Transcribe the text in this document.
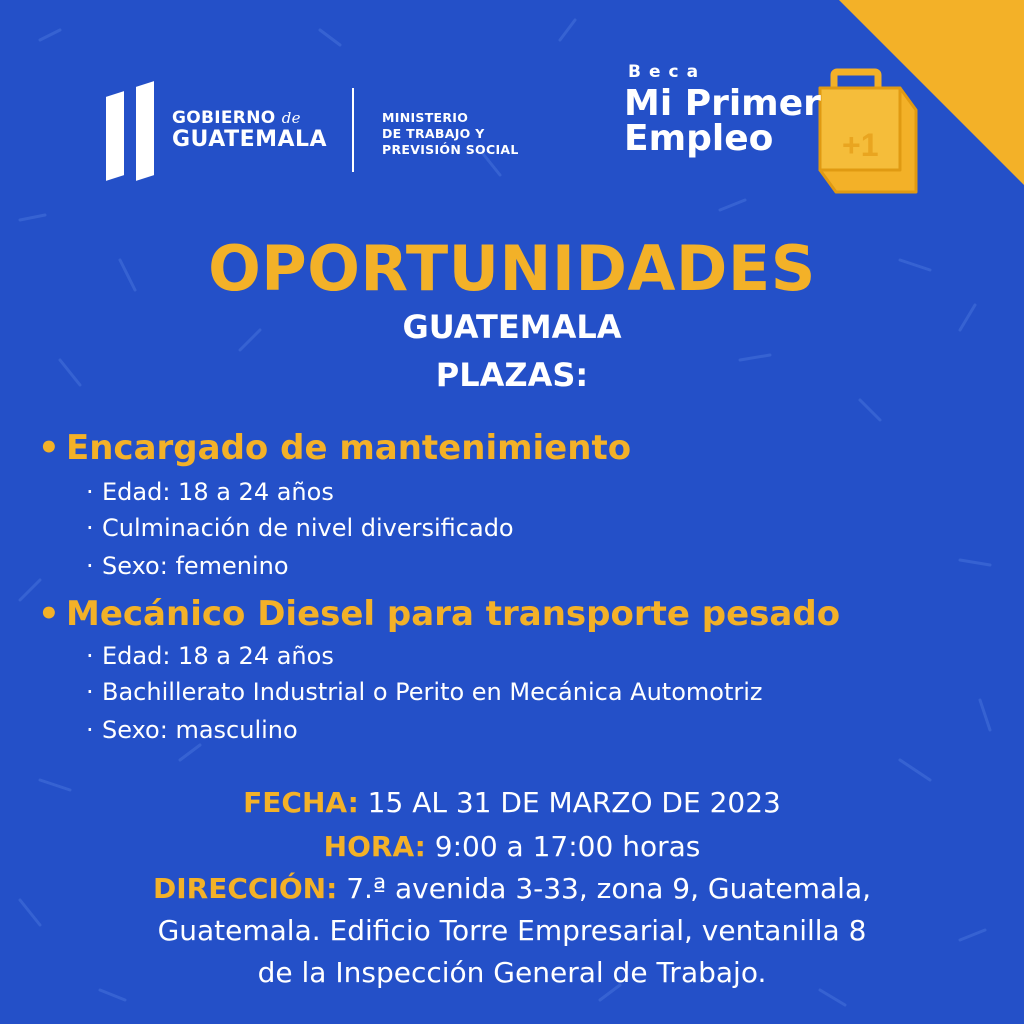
GOBIERNO de
GUATEMALA
MINISTERIO
DE TRABAJO Y
PREVISIÓN SOCIAL	+1
Beca
Mi Primer
Empleo
OPORTUNIDADES
GUATEMALA
PLAZAS:
• Encargado de mantenimiento
· Edad: 18 a 24 años
· Culminación de nivel diversificado
· Sexo: femenino
• Mecánico Diesel para transporte pesado
· Edad: 18 a 24 años
· Bachillerato Industrial o Perito en Mecánica Automotriz
· Sexo: masculino
FECHA: 15 AL 31 DE MARZO DE 2023
HORA: 9:00 a 17:00 horas
DIRECCIÓN: 7.ª avenida 3-33, zona 9, Guatemala,
Guatemala. Edificio Torre Empresarial, ventanilla 8
de la Inspección General de Trabajo.
